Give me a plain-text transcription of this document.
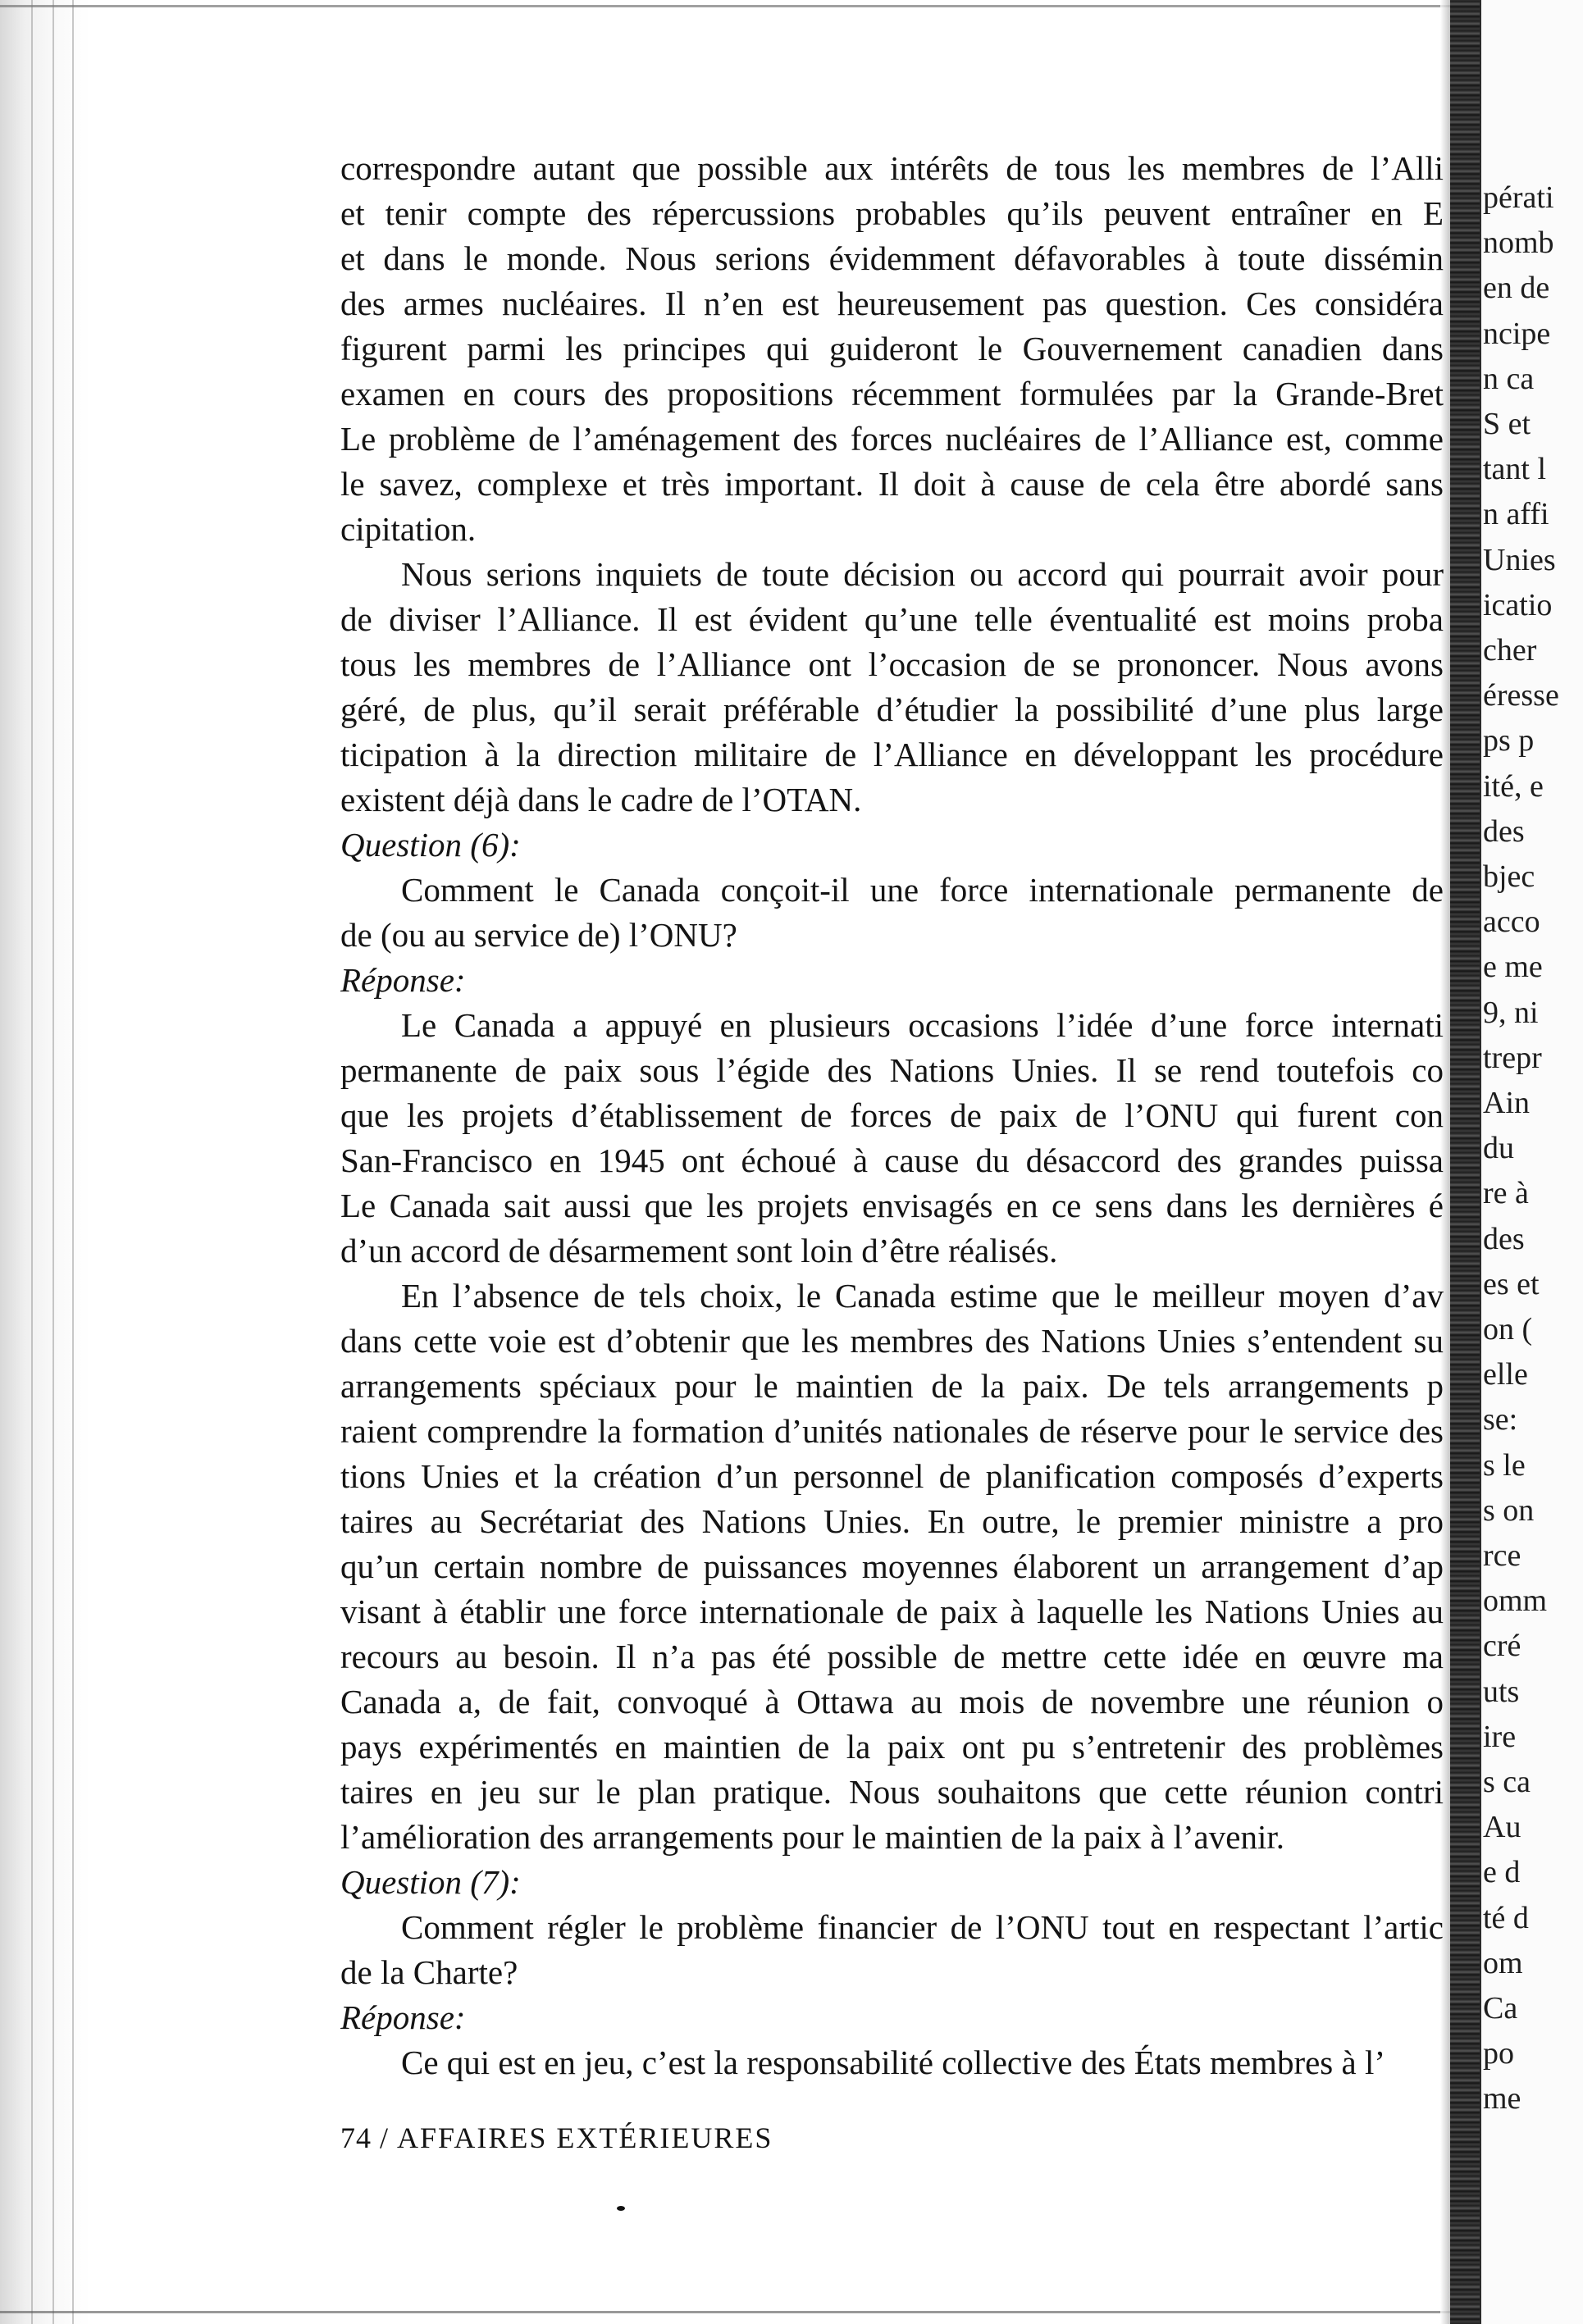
correspondre autant que possible aux intérêts de tous les membres de l’Alli
et tenir compte des répercussions probables qu’ils peuvent entraîner en E
et dans le monde. Nous serions évidemment défavorables à toute dissémin
des armes nucléaires. Il n’en est heureusement pas question. Ces considéra
figurent parmi les principes qui guideront le Gouvernement canadien dans
examen en cours des propositions récemment formulées par la Grande-Bret
Le problème de l’aménagement des forces nucléaires de l’Alliance est, comme
le savez, complexe et très important. Il doit à cause de cela être abordé sans
cipitation.
Nous serions inquiets de toute décision ou accord qui pourrait avoir pour
de diviser l’Alliance. Il est évident qu’une telle éventualité est moins proba
tous les membres de l’Alliance ont l’occasion de se prononcer. Nous avons
géré, de plus, qu’il serait préférable d’étudier la possibilité d’une plus large
ticipation à la direction militaire de l’Alliance en développant les procédure
existent déjà dans le cadre de l’OTAN.
Question (6):
Comment le Canada conçoit-il une force internationale permanente de
de (ou au service de) l’ONU?
Réponse:
Le Canada a appuyé en plusieurs occasions l’idée d’une force internati
permanente de paix sous l’égide des Nations Unies. Il se rend toutefois co
que les projets d’établissement de forces de paix de l’ONU qui furent con
San-Francisco en 1945 ont échoué à cause du désaccord des grandes puissa
Le Canada sait aussi que les projets envisagés en ce sens dans les dernières é
d’un accord de désarmement sont loin d’être réalisés.
En l’absence de tels choix, le Canada estime que le meilleur moyen d’av
dans cette voie est d’obtenir que les membres des Nations Unies s’entendent su
arrangements spéciaux pour le maintien de la paix. De tels arrangements p
raient comprendre la formation d’unités nationales de réserve pour le service des
tions Unies et la création d’un personnel de planification composés d’experts
taires au Secrétariat des Nations Unies. En outre, le premier ministre a pro
qu’un certain nombre de puissances moyennes élaborent un arrangement d’ap
visant à établir une force internationale de paix à laquelle les Nations Unies au
recours au besoin. Il n’a pas été possible de mettre cette idée en œuvre ma
Canada a, de fait, convoqué à Ottawa au mois de novembre une réunion o
pays expérimentés en maintien de la paix ont pu s’entretenir des problèmes
taires en jeu sur le plan pratique. Nous souhaitons que cette réunion contri
l’amélioration des arrangements pour le maintien de la paix à l’avenir.
Question (7):
Comment régler le problème financier de l’ONU tout en respectant l’artic
de la Charte?
Réponse:
Ce qui est en jeu, c’est la responsabilité collective des États membres à l’
74 / AFFAIRES EXTÉRIEURES
pérati
nomb
en de
ncipe
n ca
S et
tant l
n affi
Unies
icatio
cher
éresse
ps p
ité, e
des
bjec
acco
e me
9, ni
trepr
Ain
du
re à
des
es et
on (
elle
se:
s le
s on
rce
omm
cré
uts
ire
s ca
Au
e d
té d
om
Ca
po
me
